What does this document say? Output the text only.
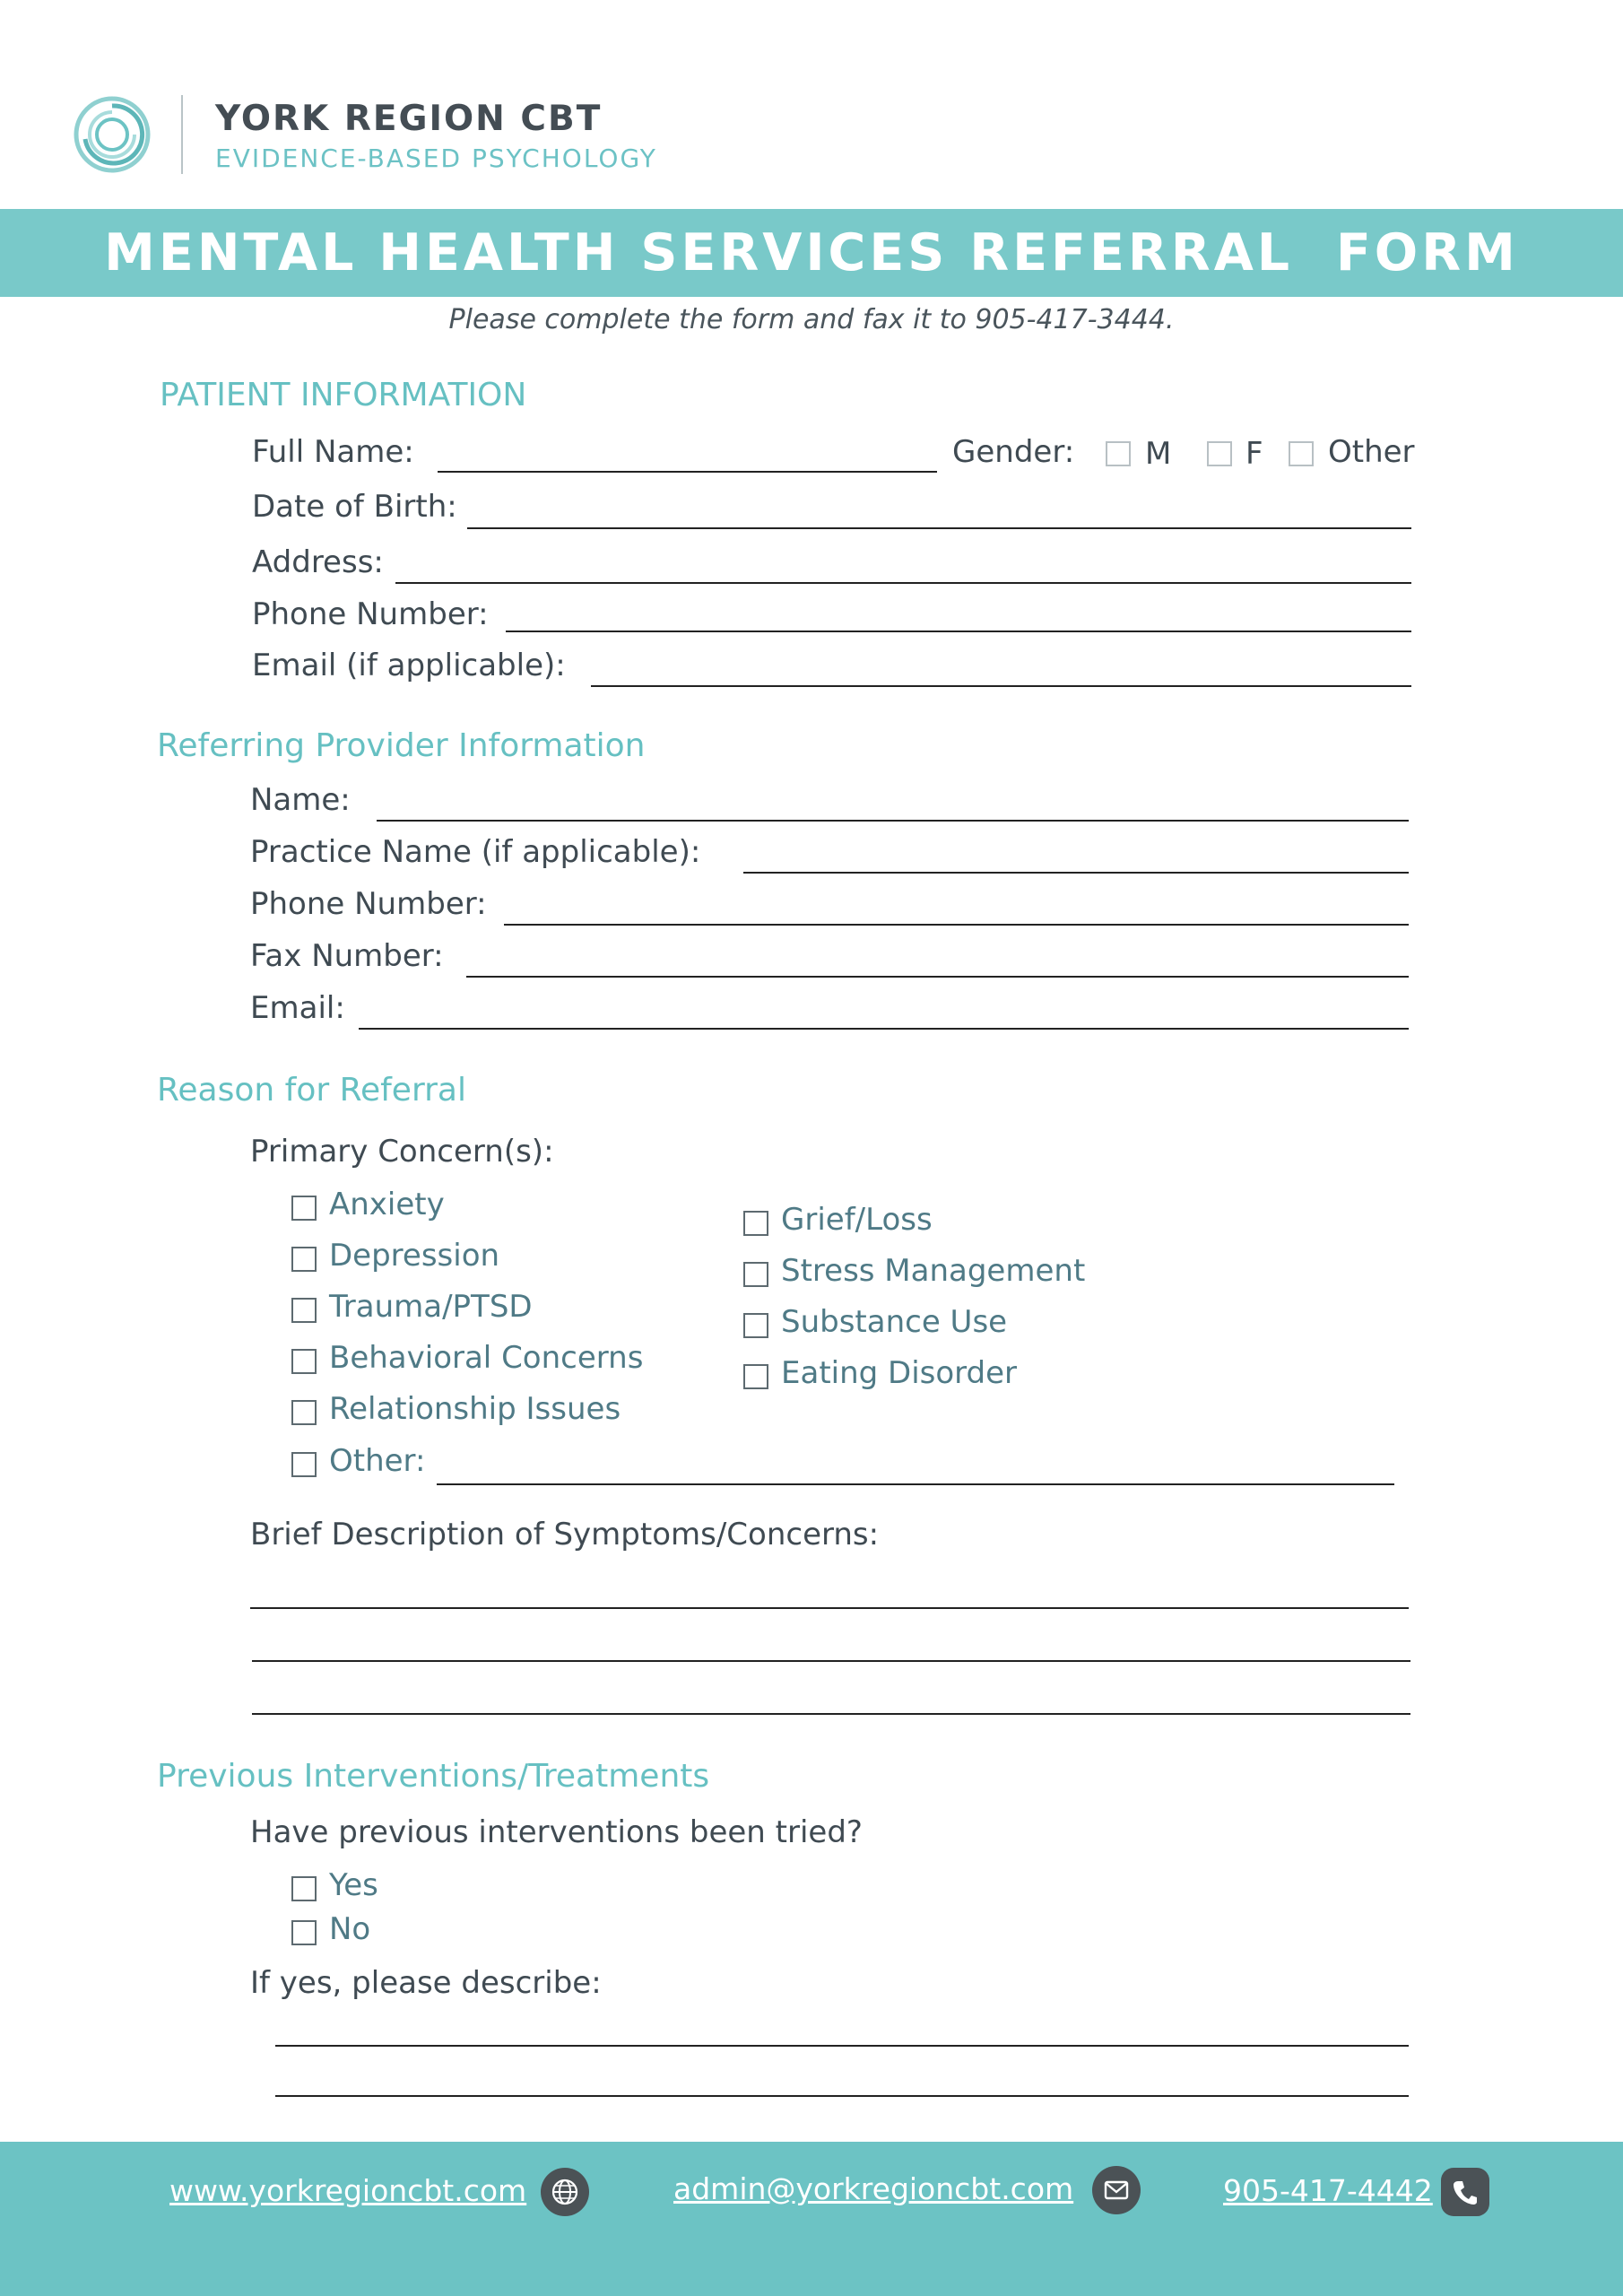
YORK REGION CBT
EVIDENCE-BASED PSYCHOLOGY
MENTAL HEALTH SERVICES REFERRAL  FORM
Please complete the form and fax it to 905-417-3444.
PATIENT INFORMATION
Full Name:	Gender: M F Other
Date of Birth:
Address:
Phone Number:
Email (if applicable):
Referring Provider Information
Name:
Practice Name (if applicable):
Phone Number:
Fax Number:
Email:
Reason for Referral
Primary Concern(s):
Anxiety
Depression
Trauma/PTSD
Behavioral Concerns
Relationship Issues
Other:
Grief/Loss
Stress Management
Substance Use
Eating Disorder
Brief Description of Symptoms/Concerns:
Previous Interventions/Treatments
Have previous interventions been tried?
Yes
No
If yes, please describe:
www.yorkregioncbt.com	admin@yorkregioncbt.com	905-417-4442
